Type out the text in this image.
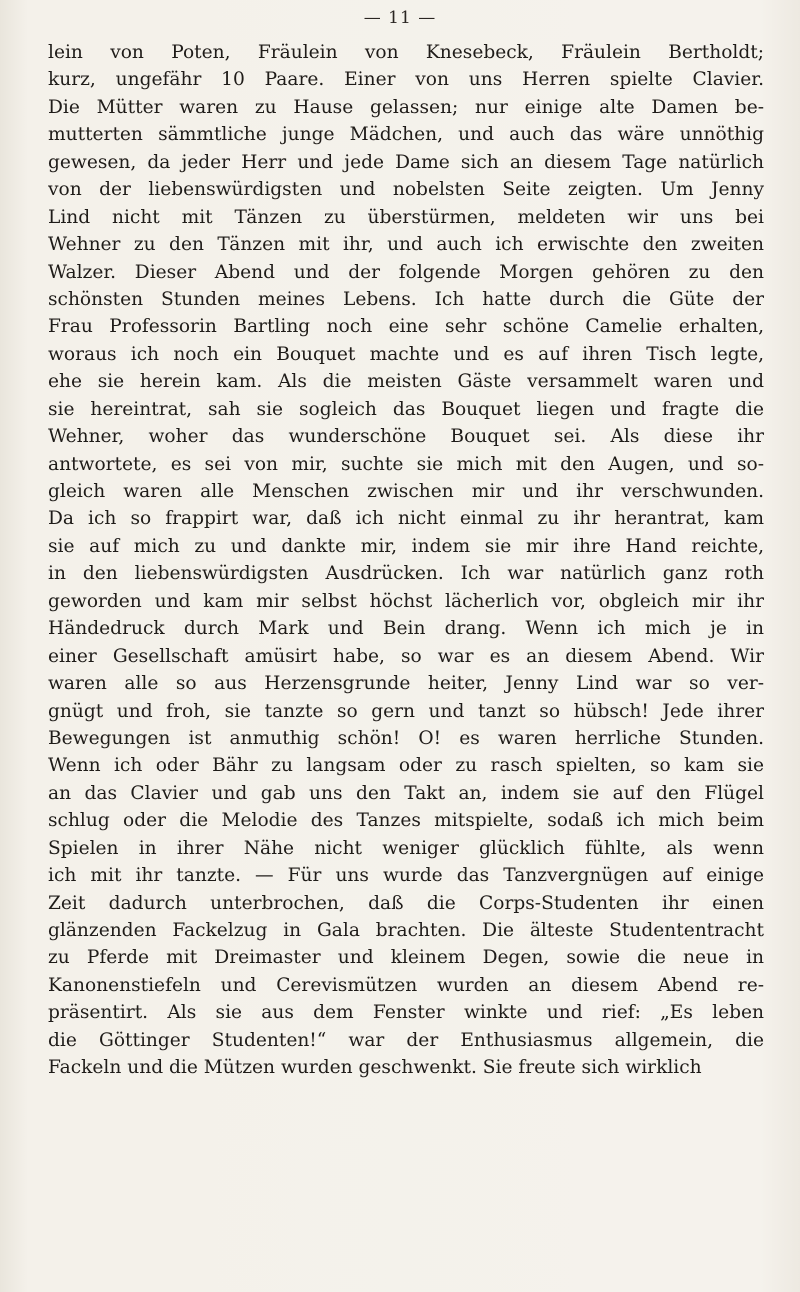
— 11 —
lein von Poten, Fräulein von Knesebeck, Fräulein Bertholdt;
kurz, ungefähr 10 Paare. Einer von uns Herren spielte Clavier.
Die Mütter waren zu Hause gelassen; nur einige alte Damen be-
mutterten sämmtliche junge Mädchen, und auch das wäre unnöthig
gewesen, da jeder Herr und jede Dame sich an diesem Tage natürlich
von der liebenswürdigsten und nobelsten Seite zeigten. Um Jenny
Lind nicht mit Tänzen zu überstürmen, meldeten wir uns bei
Wehner zu den Tänzen mit ihr, und auch ich erwischte den zweiten
Walzer. Dieser Abend und der folgende Morgen gehören zu den
schönsten Stunden meines Lebens. Ich hatte durch die Güte der
Frau Professorin Bartling noch eine sehr schöne Camelie erhalten,
woraus ich noch ein Bouquet machte und es auf ihren Tisch legte,
ehe sie herein kam. Als die meisten Gäste versammelt waren und
sie hereintrat, sah sie sogleich das Bouquet liegen und fragte die
Wehner, woher das wunderschöne Bouquet sei. Als diese ihr
antwortete, es sei von mir, suchte sie mich mit den Augen, und so-
gleich waren alle Menschen zwischen mir und ihr verschwunden.
Da ich so frappirt war, daß ich nicht einmal zu ihr herantrat, kam
sie auf mich zu und dankte mir, indem sie mir ihre Hand reichte,
in den liebenswürdigsten Ausdrücken. Ich war natürlich ganz roth
geworden und kam mir selbst höchst lächerlich vor, obgleich mir ihr
Händedruck durch Mark und Bein drang. Wenn ich mich je in
einer Gesellschaft amüsirt habe, so war es an diesem Abend. Wir
waren alle so aus Herzensgrunde heiter, Jenny Lind war so ver-
gnügt und froh, sie tanzte so gern und tanzt so hübsch! Jede ihrer
Bewegungen ist anmuthig schön! O! es waren herrliche Stunden.
Wenn ich oder Bähr zu langsam oder zu rasch spielten, so kam sie
an das Clavier und gab uns den Takt an, indem sie auf den Flügel
schlug oder die Melodie des Tanzes mitspielte, sodaß ich mich beim
Spielen in ihrer Nähe nicht weniger glücklich fühlte, als wenn
ich mit ihr tanzte. — Für uns wurde das Tanzvergnügen auf einige
Zeit dadurch unterbrochen, daß die Corps-Studenten ihr einen
glänzenden Fackelzug in Gala brachten. Die älteste Studententracht
zu Pferde mit Dreimaster und kleinem Degen, sowie die neue in
Kanonenstiefeln und Cerevismützen wurden an diesem Abend re-
präsentirt. Als sie aus dem Fenster winkte und rief: „Es leben
die Göttinger Studenten!“ war der Enthusiasmus allgemein, die
Fackeln und die Mützen wurden geschwenkt. Sie freute sich wirklich
